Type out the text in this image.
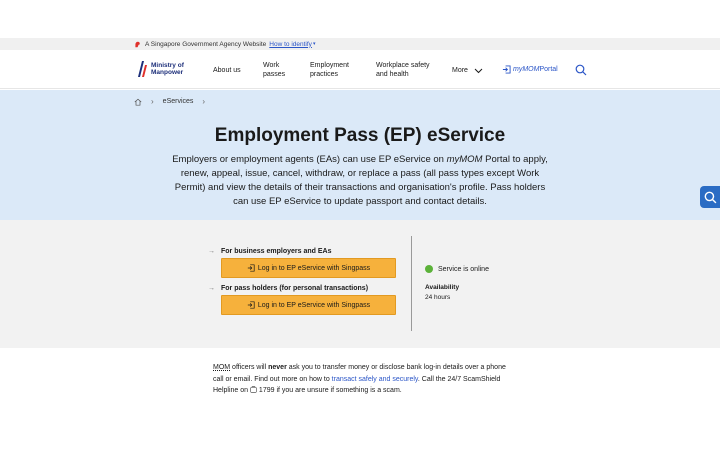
A Singapore Government Agency Website How to identify ▾
Ministry of
Manpower	About us
Work
passes
Employment
practices
Workplace safety
and health
More	my MOM Portal
› eServices ›
Employment Pass (EP) eService
Employers or employment agents (EAs) can use EP eService on myMOM Portal to apply, renew, appeal, issue, cancel, withdraw, or replace a pass (all pass types except Work Permit) and view the details of their transactions and organisation's profile. Pass holders can use EP eService to update passport and contact details.
→ For business employers and EAs
Log in to EP eService with Singpass
→ For pass holders (for personal transactions)
Log in to EP eService with Singpass
Service is online
Availability
24 hours
MOM officers will never ask you to transfer money or disclose bank log-in details over a phone call or email. Find out more on how to transact safely and securely. Call the 24/7 ScamShield Helpline on  1799 if you are unsure if something is a scam.
